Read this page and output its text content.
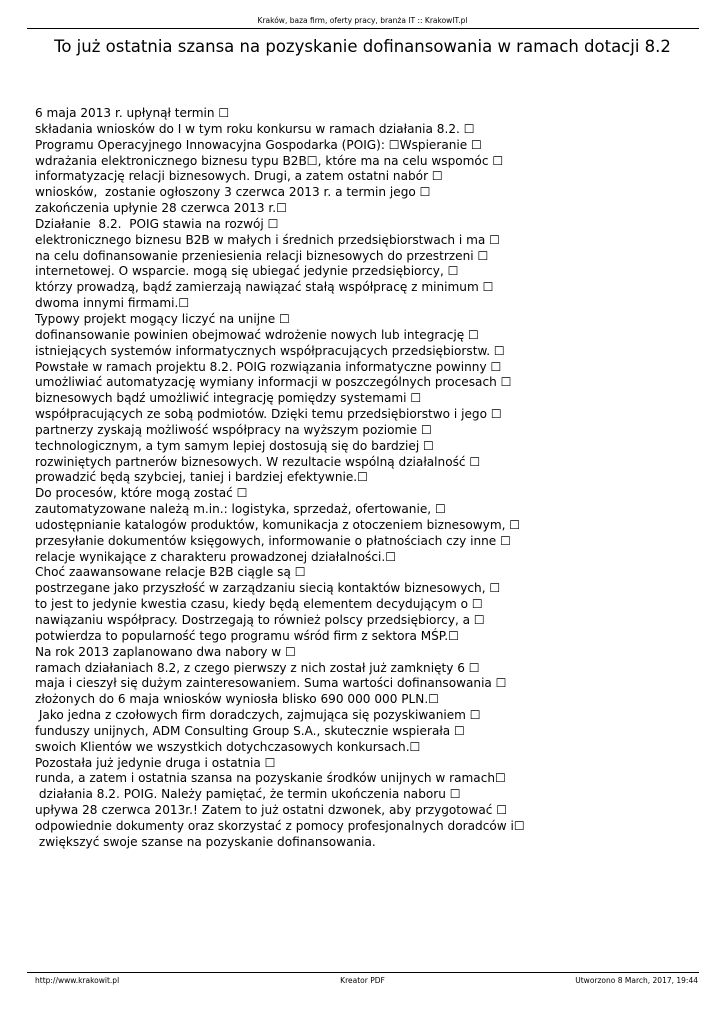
Kraków, baza firm, oferty pracy, branża IT :: KrakowIT.pl
To już ostatnia szansa na pozyskanie dofinansowania w ramach dotacji 8.2
6 maja 2013 r. upłynął termin ☐
składania wniosków do I w tym roku konkursu w ramach działania 8.2. ☐
Programu Operacyjnego Innowacyjna Gospodarka (POIG): ☐Wspieranie ☐
wdrażania elektronicznego biznesu typu B2B☐, które ma na celu wspomóc ☐
informatyzację relacji biznesowych. Drugi, a zatem ostatni nabór ☐
wniosków,  zostanie ogłoszony 3 czerwca 2013 r. a termin jego ☐
zakończenia upłynie 28 czerwca 2013 r.☐
Działanie  8.2.  POIG stawia na rozwój ☐
elektronicznego biznesu B2B w małych i średnich przedsiębiorstwach i ma ☐
na celu dofinansowanie przeniesienia relacji biznesowych do przestrzeni ☐
internetowej. O wsparcie. mogą się ubiegać jedynie przedsiębiorcy, ☐
którzy prowadzą, bądź zamierzają nawiązać stałą współpracę z minimum ☐
dwoma innymi firmami.☐
Typowy projekt mogący liczyć na unijne ☐
dofinansowanie powinien obejmować wdrożenie nowych lub integrację ☐
istniejących systemów informatycznych współpracujących przedsiębiorstw. ☐
Powstałe w ramach projektu 8.2. POIG rozwiązania informatyczne powinny ☐
umożliwiać automatyzację wymiany informacji w poszczególnych procesach ☐
biznesowych bądź umożliwić integrację pomiędzy systemami ☐
współpracujących ze sobą podmiotów. Dzięki temu przedsiębiorstwo i jego ☐
partnerzy zyskają możliwość współpracy na wyższym poziomie ☐
technologicznym, a tym samym lepiej dostosują się do bardziej ☐
rozwiniętych partnerów biznesowych. W rezultacie wspólną działalność ☐
prowadzić będą szybciej, taniej i bardziej efektywnie.☐
Do procesów, które mogą zostać ☐
zautomatyzowane należą m.in.: logistyka, sprzedaż, ofertowanie, ☐
udostępnianie katalogów produktów, komunikacja z otoczeniem biznesowym, ☐
przesyłanie dokumentów księgowych, informowanie o płatnościach czy inne ☐
relacje wynikające z charakteru prowadzonej działalności.☐
Choć zaawansowane relacje B2B ciągle są ☐
postrzegane jako przyszłość w zarządzaniu siecią kontaktów biznesowych, ☐
to jest to jedynie kwestia czasu, kiedy będą elementem decydującym o ☐
nawiązaniu współpracy. Dostrzegają to również polscy przedsiębiorcy, a ☐
potwierdza to popularność tego programu wśród firm z sektora MŚP.☐
Na rok 2013 zaplanowano dwa nabory w ☐
ramach działaniach 8.2, z czego pierwszy z nich został już zamknięty 6 ☐
maja i cieszył się dużym zainteresowaniem. Suma wartości dofinansowania ☐
złożonych do 6 maja wniosków wyniosła blisko 690 000 000 PLN.☐
Jako jedna z czołowych firm doradczych, zajmująca się pozyskiwaniem ☐
funduszy unijnych, ADM Consulting Group S.A., skutecznie wspierała ☐
swoich Klientów we wszystkich dotychczasowych konkursach.☐
Pozostała już jedynie druga i ostatnia ☐
runda, a zatem i ostatnia szansa na pozyskanie środków unijnych w ramach☐
działania 8.2. POIG. Należy pamiętać, że termin ukończenia naboru ☐
upływa 28 czerwca 2013r.! Zatem to już ostatni dzwonek, aby przygotować ☐
odpowiednie dokumenty oraz skorzystać z pomocy profesjonalnych doradców i☐
zwiększyć swoje szanse na pozyskanie dofinansowania.
http://www.krakowit.pl	Kreator PDF	Utworzono 8 March, 2017, 19:44
